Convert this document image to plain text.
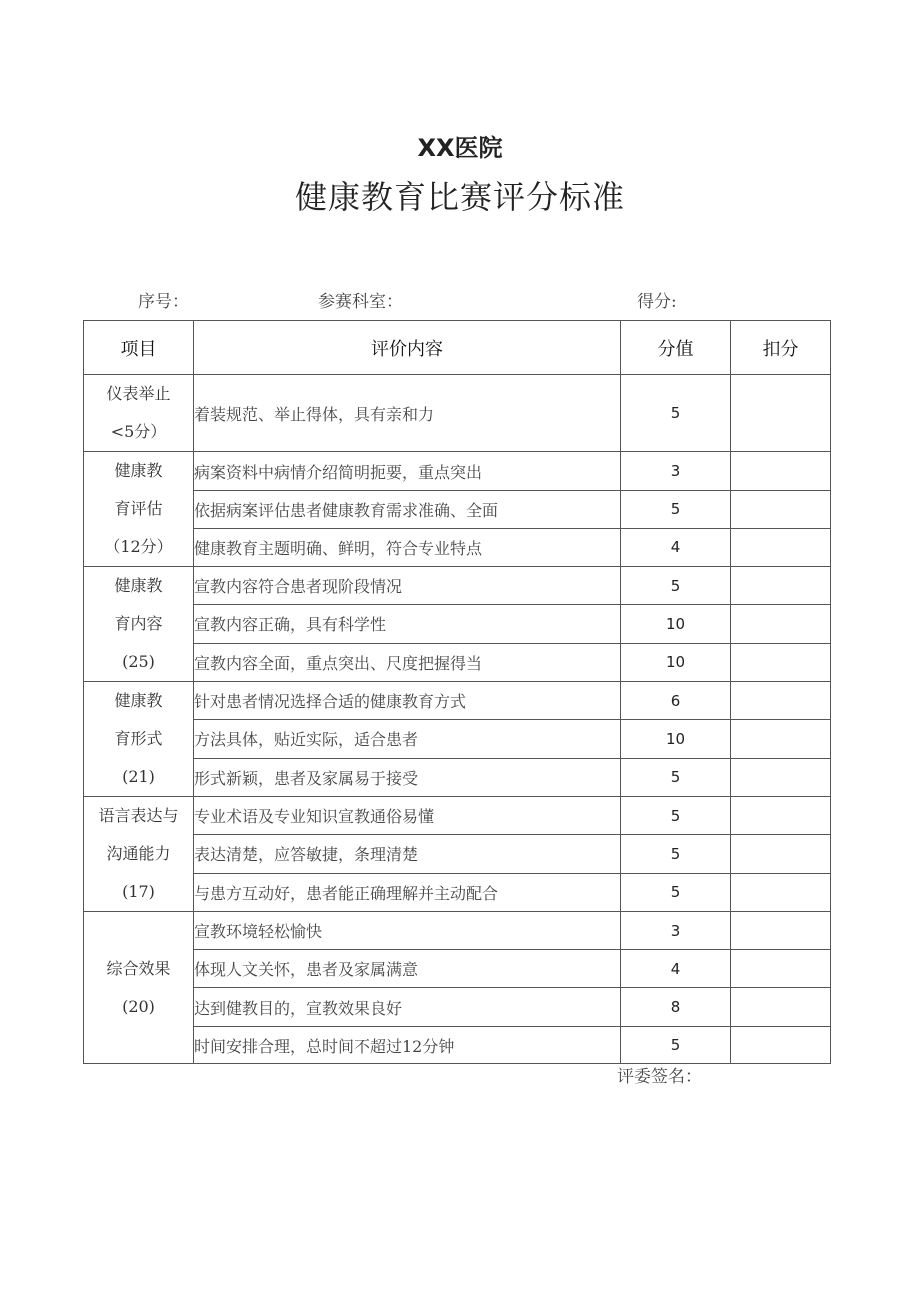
XX医院
健康教育比赛评分标准
序号：	参赛科室：	得分:
项目	评价内容	分值	扣分

仪表举止
<5分）	着装规范、举止得体，具有亲和力	5	

健康教
育评估
（12分）	病案资料中病情介绍简明扼要，重点突出	3	
	依据病案评估患者健康教育需求准确、全面	5	
	健康教育主题明确、鲜明，符合专业特点	4	

健康教
育内容
(25)	宣教内容符合患者现阶段情况	5	
	宣教内容正确，具有科学性	10	
	宣教内容全面，重点突出、尺度把握得当	10	

健康教
育形式
(21)	针对患者情况选择合适的健康教育方式	6	
	方法具体，贴近实际，适合患者	10	
	形式新颖，患者及家属易于接受	5	

语言表达与
沟通能力
(17)	专业术语及专业知识宣教通俗易懂	5	
	表达清楚，应答敏捷，条理清楚	5	
	与患方互动好，患者能正确理解并主动配合	5	

综合效果
(20)	宣教环境轻松愉快	3	
	体现人文关怀，患者及家属满意	4	
	达到健教目的，宣教效果良好	8	
	时间安排合理，总时间不超过12分钟	5	
评委签名：
